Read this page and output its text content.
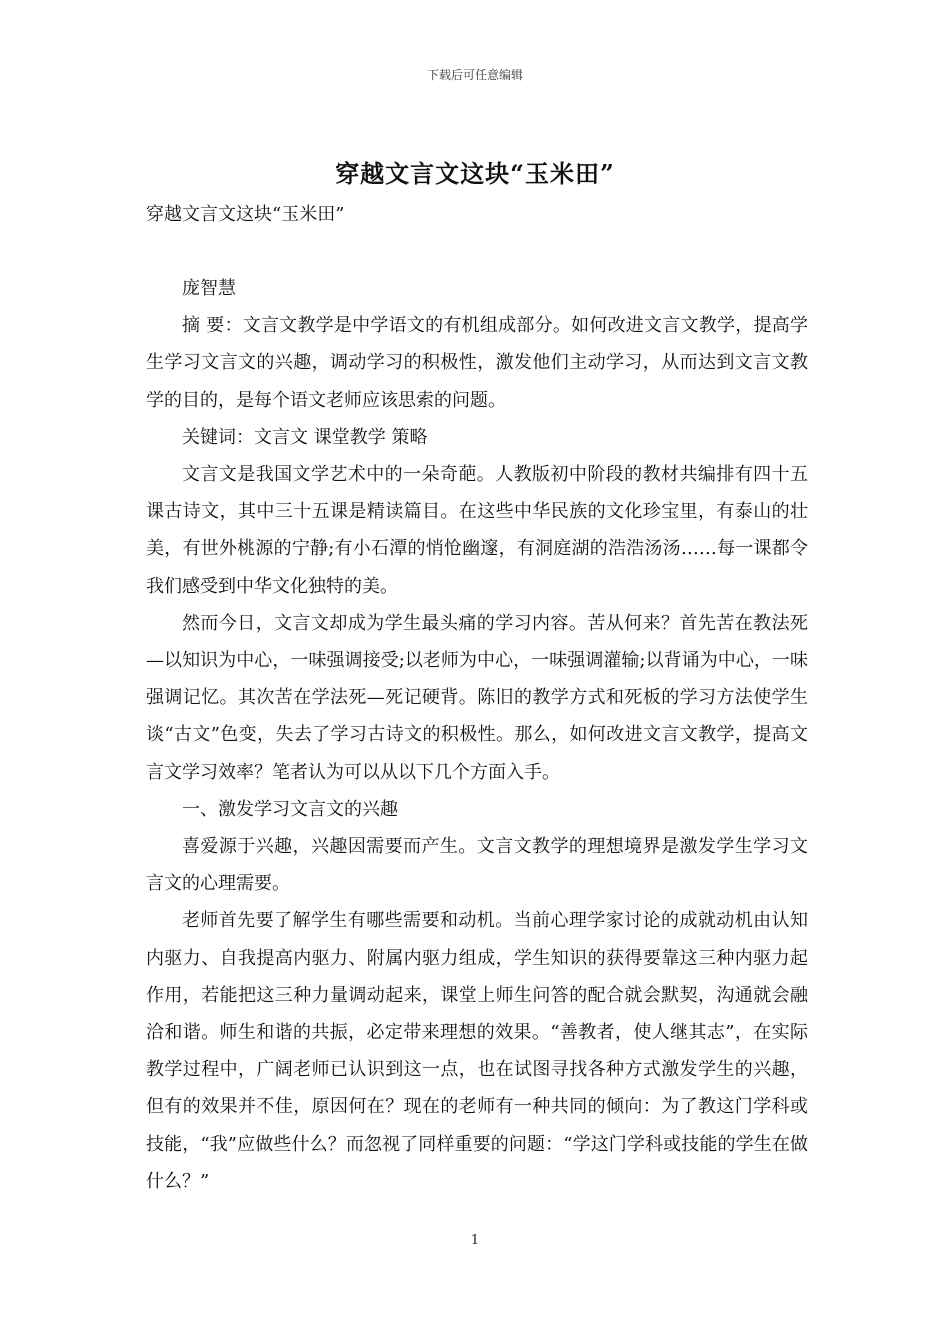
下载后可任意编辑
穿越文言文这块“玉米田”
穿越文言文这块“玉米田”

庞智慧

摘 要：文言文教学是中学语文的有机组成部分。如何改进文言文教学，提高学生学习文言文的兴趣，调动学习的积极性，激发他们主动学习，从而达到文言文教学的目的，是每个语文老师应该思索的问题。

关键词：文言文 课堂教学 策略

文言文是我国文学艺术中的一朵奇葩。人教版初中阶段的教材共编排有四十五课古诗文，其中三十五课是精读篇目。在这些中华民族的文化珍宝里，有泰山的壮美，有世外桃源的宁静;有小石潭的悄怆幽邃，有洞庭湖的浩浩汤汤……每一课都令我们感受到中华文化独特的美。

然而今日，文言文却成为学生最头痛的学习内容。苦从何来？首先苦在教法死—以知识为中心，一味强调接受;以老师为中心，一味强调灌输;以背诵为中心，一味强调记忆。其次苦在学法死—死记硬背。陈旧的教学方式和死板的学习方法使学生谈“古文”色变，失去了学习古诗文的积极性。那么，如何改进文言文教学，提高文言文学习效率？笔者认为可以从以下几个方面入手。

一、激发学习文言文的兴趣

喜爱源于兴趣，兴趣因需要而产生。文言文教学的理想境界是激发学生学习文言文的心理需要。

老师首先要了解学生有哪些需要和动机。当前心理学家讨论的成就动机由认知内驱力、自我提高内驱力、附属内驱力组成，学生知识的获得要靠这三种内驱力起作用，若能把这三种力量调动起来，课堂上师生问答的配合就会默契，沟通就会融洽和谐。师生和谐的共振，必定带来理想的效果。“善教者，使人继其志”，在实际教学过程中，广阔老师已认识到这一点，也在试图寻找各种方式激发学生的兴趣，但有的效果并不佳，原因何在？现在的老师有一种共同的倾向：为了教这门学科或技能，“我”应做些什么？而忽视了同样重要的问题：“学这门学科或技能的学生在做什么？”

1
